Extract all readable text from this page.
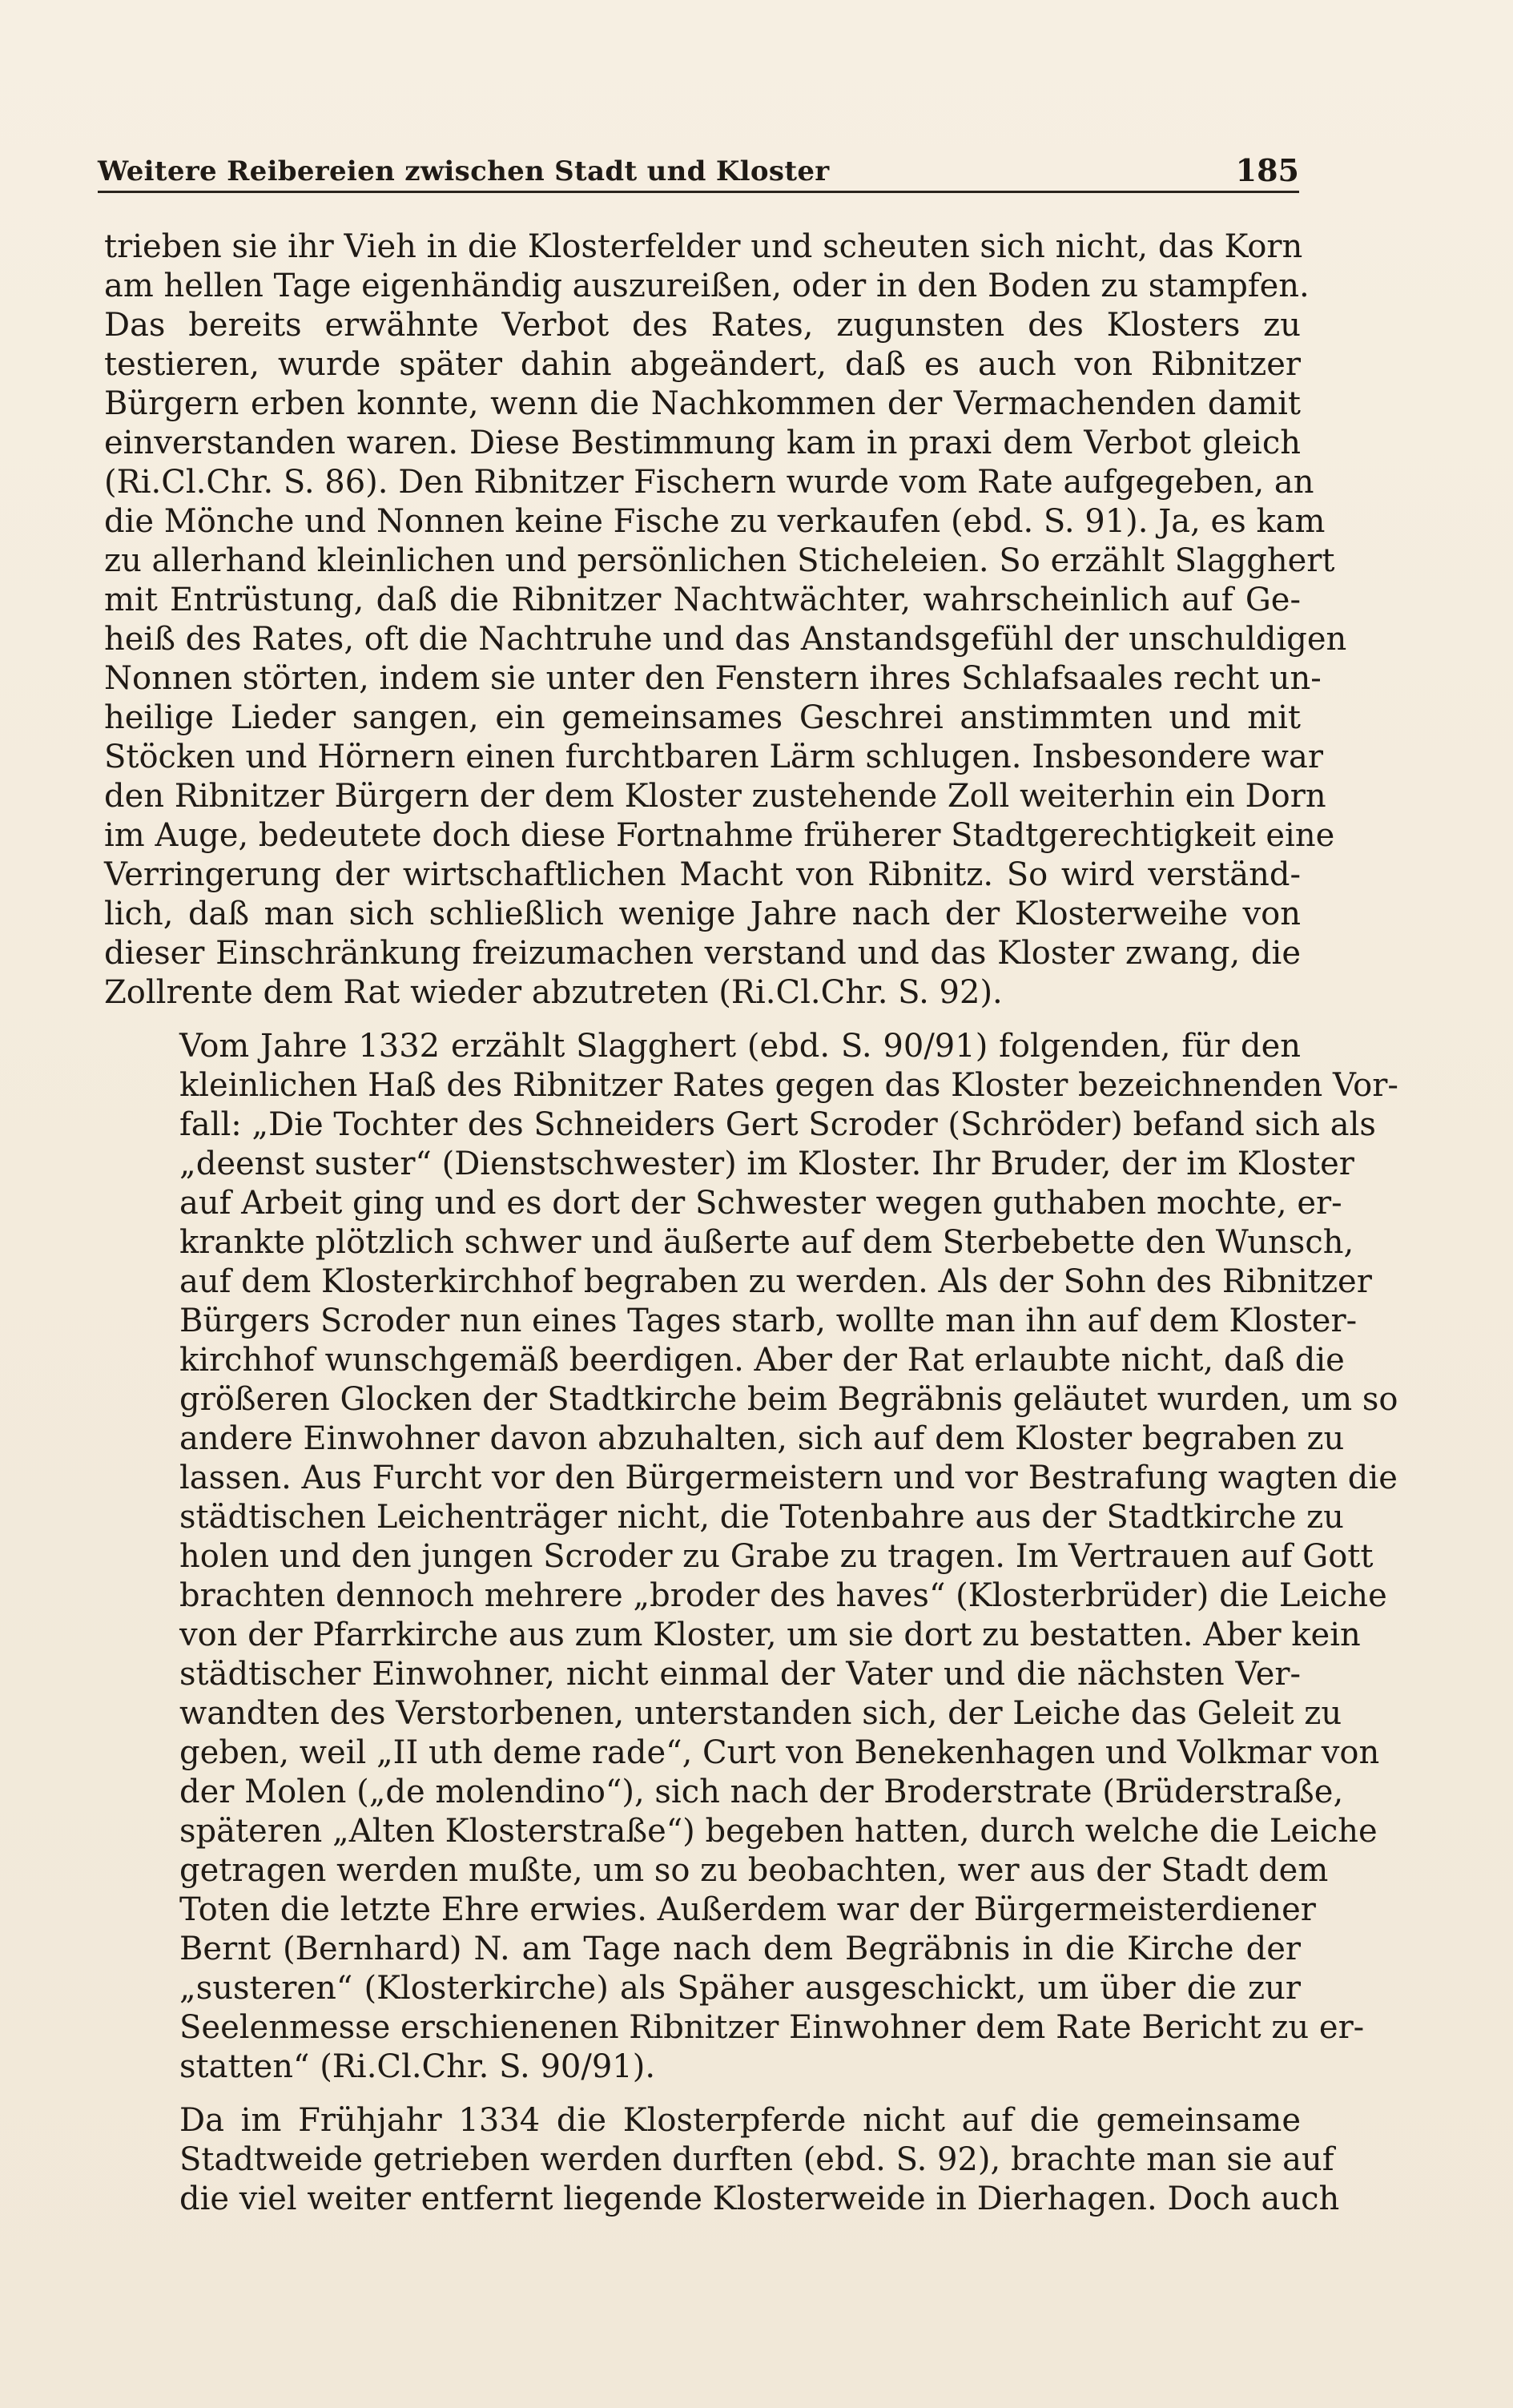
Weitere Reibereien zwischen Stadt und Kloster	185
trieben sie ihr Vieh in die Klosterfelder und scheuten sich nicht, das Korn
am hellen Tage eigenhändig auszureißen, oder in den Boden zu stampfen.
Das bereits erwähnte Verbot des Rates, zugunsten des Klosters zu
testieren, wurde später dahin abgeändert, daß es auch von Ribnitzer
Bürgern erben konnte, wenn die Nachkommen der Vermachenden damit
einverstanden waren. Diese Bestimmung kam in praxi dem Verbot gleich
(Ri.Cl.Chr. S. 86). Den Ribnitzer Fischern wurde vom Rate aufgegeben, an
die Mönche und Nonnen keine Fische zu verkaufen (ebd. S. 91). Ja, es kam
zu allerhand kleinlichen und persönlichen Sticheleien. So erzählt Slagghert
mit Entrüstung, daß die Ribnitzer Nachtwächter, wahrscheinlich auf Ge-
heiß des Rates, oft die Nachtruhe und das Anstandsgefühl der unschuldigen
Nonnen störten, indem sie unter den Fenstern ihres Schlafsaales recht un-
heilige Lieder sangen, ein gemeinsames Geschrei anstimmten und mit
Stöcken und Hörnern einen furchtbaren Lärm schlugen. Insbesondere war
den Ribnitzer Bürgern der dem Kloster zustehende Zoll weiterhin ein Dorn
im Auge, bedeutete doch diese Fortnahme früherer Stadtgerechtigkeit eine
Verringerung der wirtschaftlichen Macht von Ribnitz. So wird verständ-
lich, daß man sich schließlich wenige Jahre nach der Klosterweihe von
dieser Einschränkung freizumachen verstand und das Kloster zwang, die
Zollrente dem Rat wieder abzutreten (Ri.Cl.Chr. S. 92).
Vom Jahre 1332 erzählt Slagghert (ebd. S. 90/91) folgenden, für den
kleinlichen Haß des Ribnitzer Rates gegen das Kloster bezeichnenden Vor-
fall: „Die Tochter des Schneiders Gert Scroder (Schröder) befand sich als
„deenst suster“ (Dienstschwester) im Kloster. Ihr Bruder, der im Kloster
auf Arbeit ging und es dort der Schwester wegen guthaben mochte, er-
krankte plötzlich schwer und äußerte auf dem Sterbebette den Wunsch,
auf dem Klosterkirchhof begraben zu werden. Als der Sohn des Ribnitzer
Bürgers Scroder nun eines Tages starb, wollte man ihn auf dem Kloster-
kirchhof wunschgemäß beerdigen. Aber der Rat erlaubte nicht, daß die
größeren Glocken der Stadtkirche beim Begräbnis geläutet wurden, um so
andere Einwohner davon abzuhalten, sich auf dem Kloster begraben zu
lassen. Aus Furcht vor den Bürgermeistern und vor Bestrafung wagten die
städtischen Leichenträger nicht, die Totenbahre aus der Stadtkirche zu
holen und den jungen Scroder zu Grabe zu tragen. Im Vertrauen auf Gott
brachten dennoch mehrere „broder des haves“ (Klosterbrüder) die Leiche
von der Pfarrkirche aus zum Kloster, um sie dort zu bestatten. Aber kein
städtischer Einwohner, nicht einmal der Vater und die nächsten Ver-
wandten des Verstorbenen, unterstanden sich, der Leiche das Geleit zu
geben, weil „II uth deme rade“, Curt von Benekenhagen und Volkmar von
der Molen („de molendino“), sich nach der Broderstrate (Brüderstraße,
späteren „Alten Klosterstraße“) begeben hatten, durch welche die Leiche
getragen werden mußte, um so zu beobachten, wer aus der Stadt dem
Toten die letzte Ehre erwies. Außerdem war der Bürgermeisterdiener
Bernt (Bernhard) N. am Tage nach dem Begräbnis in die Kirche der
„susteren“ (Klosterkirche) als Späher ausgeschickt, um über die zur
Seelenmesse erschienenen Ribnitzer Einwohner dem Rate Bericht zu er-
statten“ (Ri.Cl.Chr. S. 90/91).
Da im Frühjahr 1334 die Klosterpferde nicht auf die gemeinsame
Stadtweide getrieben werden durften (ebd. S. 92), brachte man sie auf
die viel weiter entfernt liegende Klosterweide in Dierhagen. Doch auch
